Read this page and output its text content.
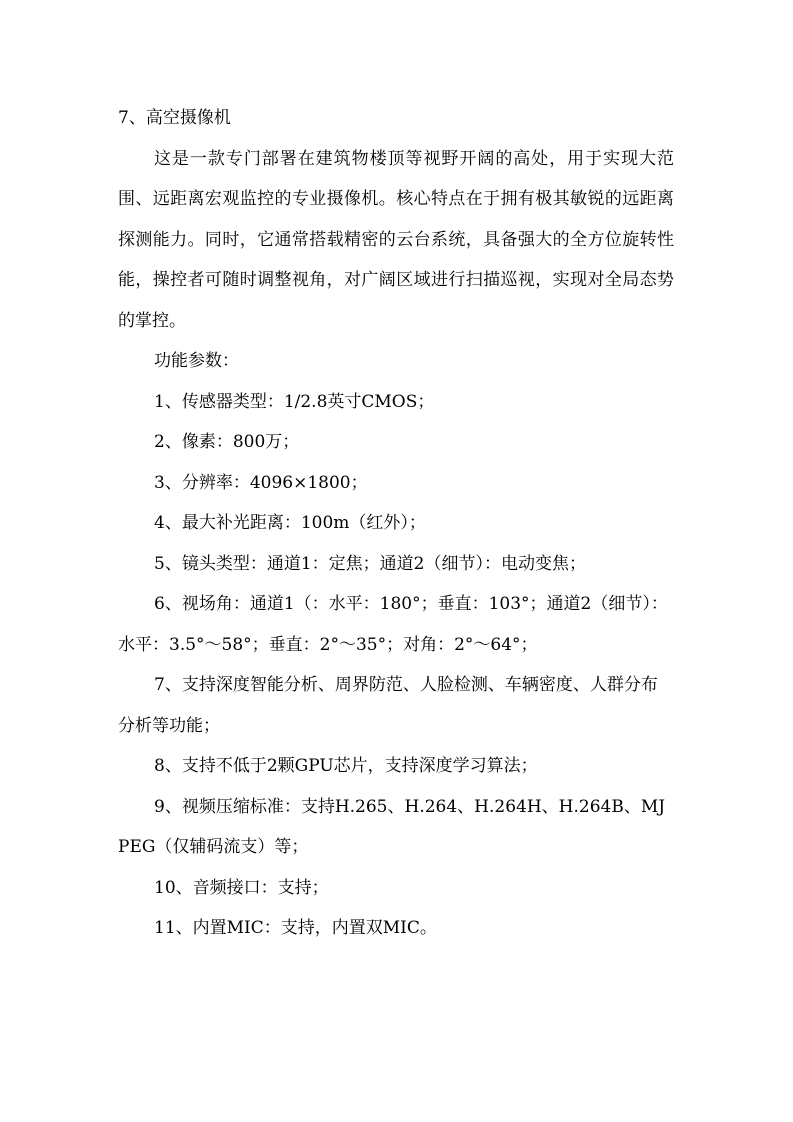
7、高空摄像机

这是一款专门部署在建筑物楼顶等视野开阔的高处，用于实现大范围、远距离宏观监控的专业摄像机。核心特点在于拥有极其敏锐的远距离探测能力。同时，它通常搭载精密的云台系统，具备强大的全方位旋转性能，操控者可随时调整视角，对广阔区域进行扫描巡视，实现对全局态势的掌控。

功能参数：

1、传感器类型：1/2.8英寸CMOS；

2、像素：800万；

3、分辨率：4096×1800；

4、最大补光距离：100m（红外）；

5、镜头类型：通道1：定焦；通道2（细节）：电动变焦；

6、视场角：通道1（：水平：180°；垂直：103°；通道2（细节）：水平：3.5°～58°；垂直：2°～35°；对角：2°～64°；

7、支持深度智能分析、周界防范、人脸检测、车辆密度、人群分布分析等功能；

8、支持不低于2颗GPU芯片，支持深度学习算法；

9、视频压缩标准：支持H.265、H.264、H.264H、H.264B、MJPEG（仅辅码流支）等；

10、音频接口：支持；

11、内置MIC：支持，内置双MIC。
